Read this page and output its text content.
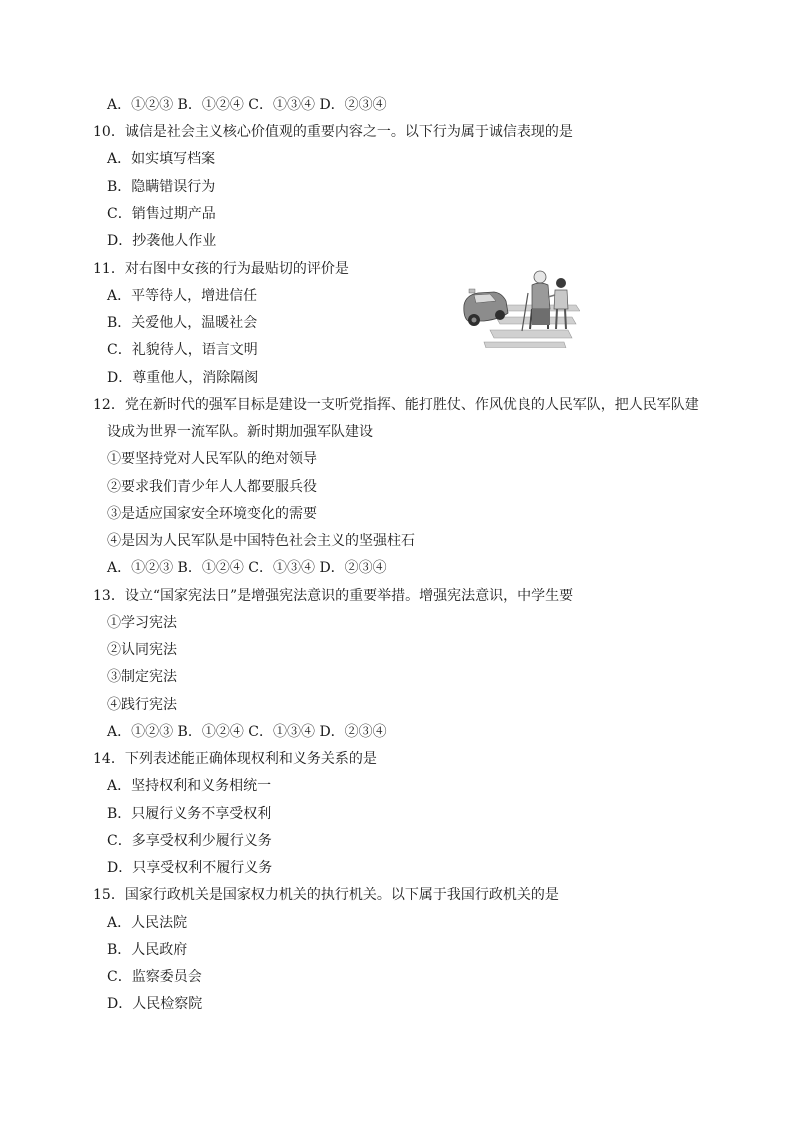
A．①②③ B．①②④ C．①③④ D．②③④
10．诚信是社会主义核心价值观的重要内容之一。以下行为属于诚信表现的是
A．如实填写档案
B．隐瞒错误行为
C．销售过期产品
D．抄袭他人作业
11．对右图中女孩的行为最贴切的评价是
A．平等待人，增进信任
B．关爱他人，温暖社会
C．礼貌待人，语言文明
D．尊重他人，消除隔阂
12．党在新时代的强军目标是建设一支听党指挥、能打胜仗、作风优良的人民军队，把人民军队建
设成为世界一流军队。新时期加强军队建设
①要坚持党对人民军队的绝对领导
②要求我们青少年人人都要服兵役
③是适应国家安全环境变化的需要
④是因为人民军队是中国特色社会主义的坚强柱石
A．①②③ B．①②④ C．①③④ D．②③④
13．设立“国家宪法日”是增强宪法意识的重要举措。增强宪法意识，中学生要
①学习宪法
②认同宪法
③制定宪法
④践行宪法
A．①②③ B．①②④ C．①③④ D．②③④
14．下列表述能正确体现权利和义务关系的是
A．坚持权利和义务相统一
B．只履行义务不享受权利
C．多享受权利少履行义务
D．只享受权利不履行义务
15．国家行政机关是国家权力机关的执行机关。以下属于我国行政机关的是
A．人民法院
B．人民政府
C．监察委员会
D．人民检察院
